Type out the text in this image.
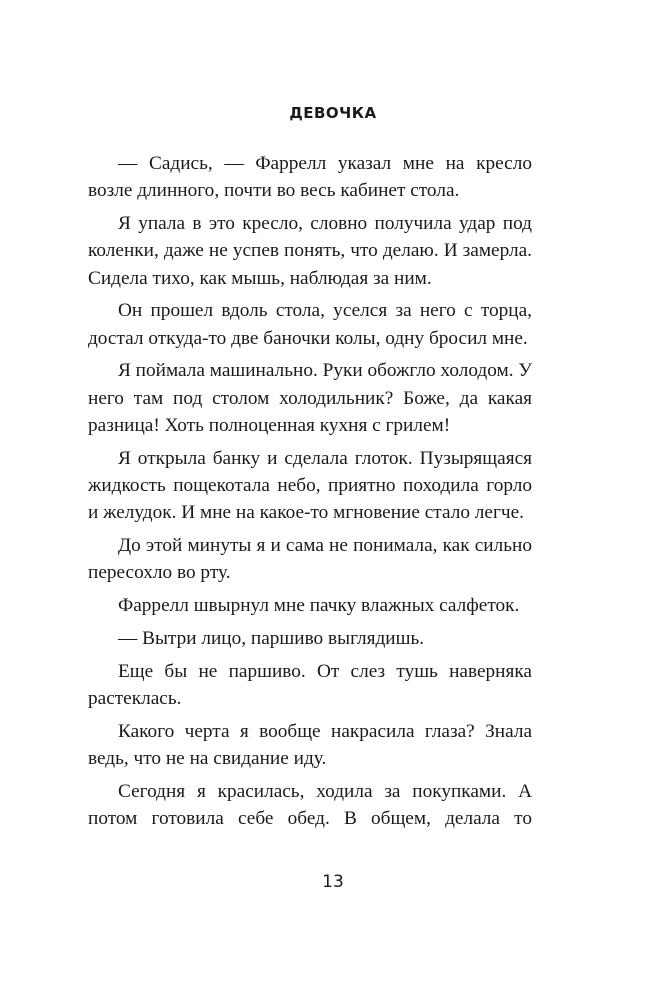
ДЕВОЧКА

— Садись, — Фаррелл указал мне на кресло возле длинного, почти во весь кабинет стола.

Я упала в это кресло, словно получила удар под коленки, даже не успев понять, что делаю. И замерла. Сидела тихо, как мышь, наблюдая за ним.

Он прошел вдоль стола, уселся за него с торца, достал откуда-то две баночки колы, одну бросил мне.

Я поймала машинально. Руки обожгло холодом. У него там под столом холодильник? Боже, да какая разница! Хоть полноценная кухня с грилем!

Я открыла банку и сделала глоток. Пузырящаяся жидкость пощекотала небо, приятно походила горло и желудок. И мне на какое-то мгновение стало легче.

До этой минуты я и сама не понимала, как сильно пересохло во рту.

Фаррелл швырнул мне пачку влажных салфеток.

— Вытри лицо, паршиво выглядишь.

Еще бы не паршиво. От слез тушь наверняка растеклась.

Какого черта я вообще накрасила глаза? Знала ведь, что не на свидание иду.

Сегодня я красилась, ходила за покупками. А потом готовила себе обед. В общем, делала то

13
